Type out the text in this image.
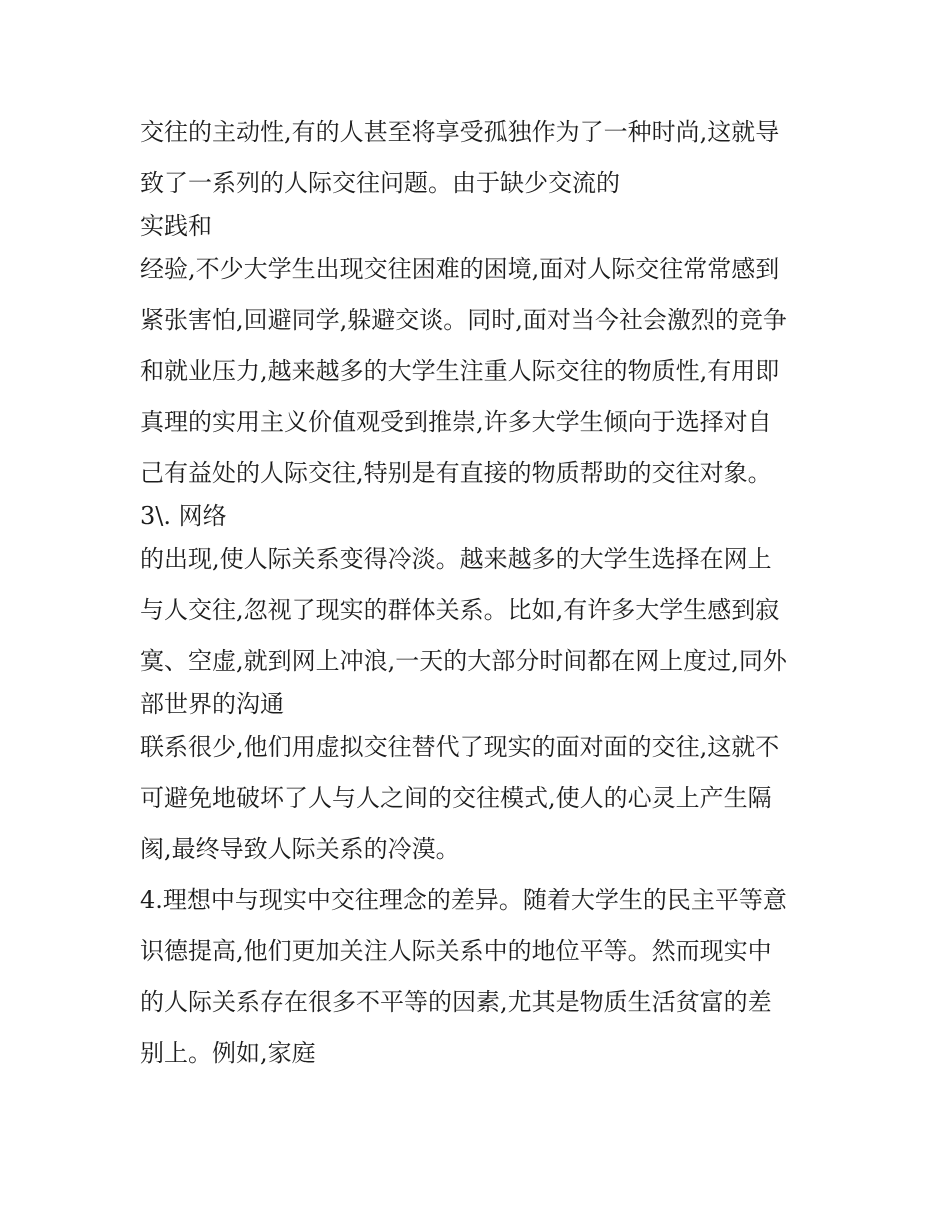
交往的主动性,有的人甚至将享受孤独作为了一种时尚,这就导

致了一系列的人际交往问题。由于缺少交流的

实践和

经验,不少大学生出现交往困难的困境,面对人际交往常常感到

紧张害怕,回避同学,躲避交谈。同时,面对当今社会激烈的竞争

和就业压力,越来越多的大学生注重人际交往的物质性,有用即

真理的实用主义价值观受到推崇,许多大学生倾向于选择对自

己有益处的人际交往,特别是有直接的物质帮助的交往对象。

3\. 网络

的出现,使人际关系变得冷淡。越来越多的大学生选择在网上

与人交往,忽视了现实的群体关系。比如,有许多大学生感到寂

寞、空虚,就到网上冲浪,一天的大部分时间都在网上度过,同外

部世界的沟通

联系很少,他们用虚拟交往替代了现实的面对面的交往,这就不

可避免地破坏了人与人之间的交往模式,使人的心灵上产生隔

阂,最终导致人际关系的冷漠。

4.理想中与现实中交往理念的差异。随着大学生的民主平等意

识德提高,他们更加关注人际关系中的地位平等。然而现实中

的人际关系存在很多不平等的因素,尤其是物质生活贫富的差

别上。例如,家庭
